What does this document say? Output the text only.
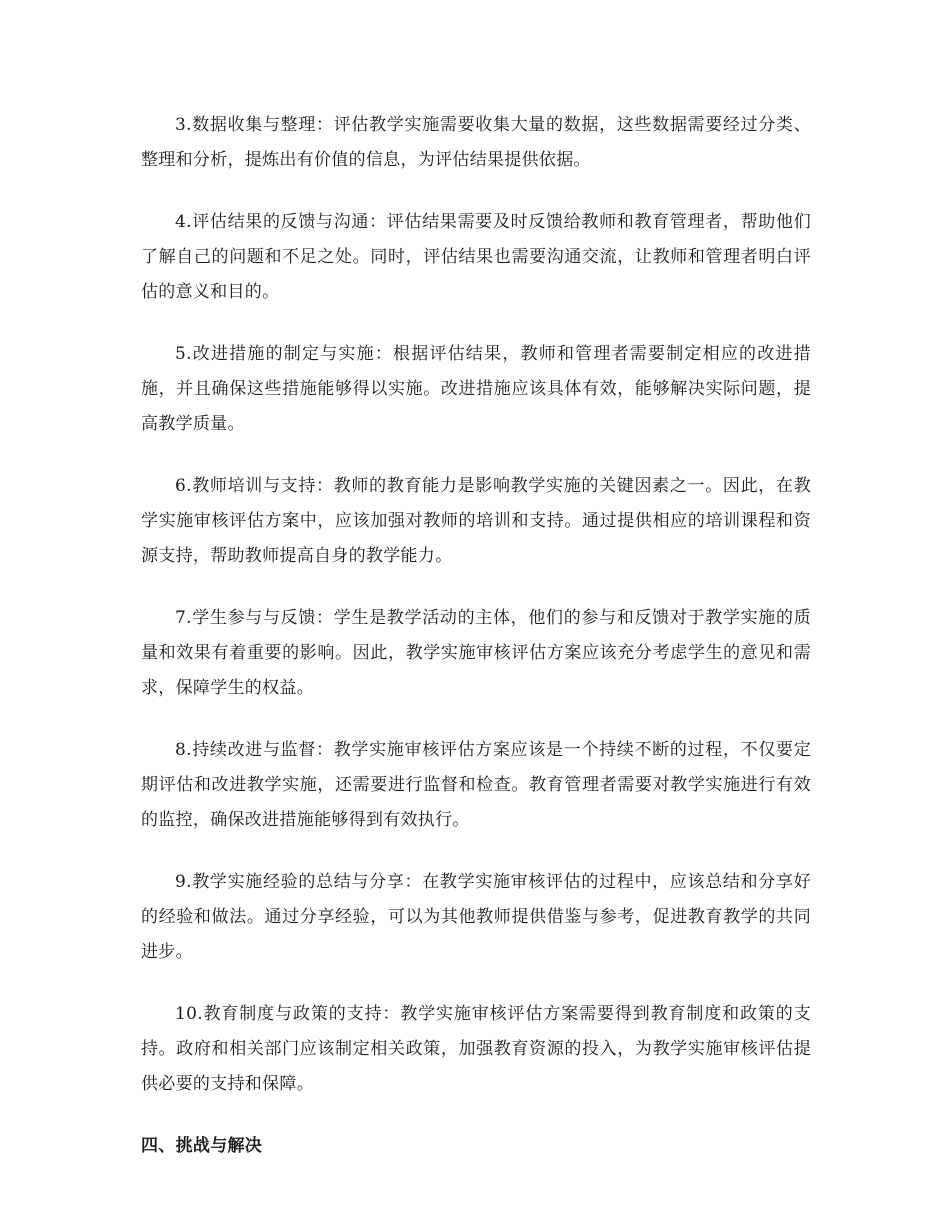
3.数据收集与整理：评估教学实施需要收集大量的数据，这些数据需要经过分类、整理和分析，提炼出有价值的信息，为评估结果提供依据。

4.评估结果的反馈与沟通：评估结果需要及时反馈给教师和教育管理者，帮助他们了解自己的问题和不足之处。同时，评估结果也需要沟通交流，让教师和管理者明白评估的意义和目的。

5.改进措施的制定与实施：根据评估结果，教师和管理者需要制定相应的改进措施，并且确保这些措施能够得以实施。改进措施应该具体有效，能够解决实际问题，提高教学质量。

6.教师培训与支持：教师的教育能力是影响教学实施的关键因素之一。因此，在教学实施审核评估方案中，应该加强对教师的培训和支持。通过提供相应的培训课程和资源支持，帮助教师提高自身的教学能力。

7.学生参与与反馈：学生是教学活动的主体，他们的参与和反馈对于教学实施的质量和效果有着重要的影响。因此，教学实施审核评估方案应该充分考虑学生的意见和需求，保障学生的权益。

8.持续改进与监督：教学实施审核评估方案应该是一个持续不断的过程，不仅要定期评估和改进教学实施，还需要进行监督和检查。教育管理者需要对教学实施进行有效的监控，确保改进措施能够得到有效执行。

9.教学实施经验的总结与分享：在教学实施审核评估的过程中，应该总结和分享好的经验和做法。通过分享经验，可以为其他教师提供借鉴与参考，促进教育教学的共同进步。

10.教育制度与政策的支持：教学实施审核评估方案需要得到教育制度和政策的支持。政府和相关部门应该制定相关政策，加强教育资源的投入，为教学实施审核评估提供必要的支持和保障。

四、挑战与解决
